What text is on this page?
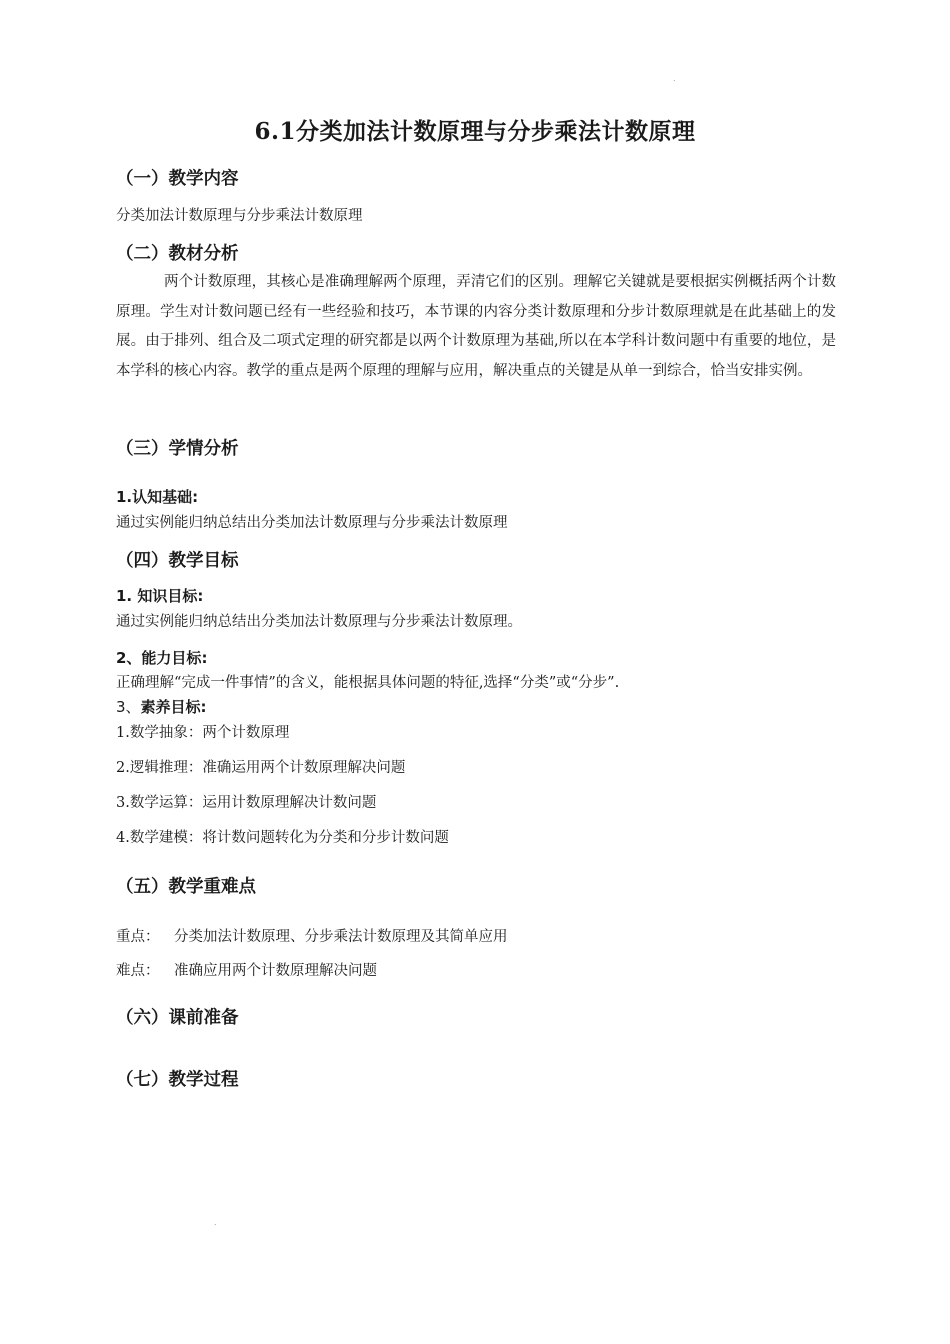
.
6.1分类加法计数原理与分步乘法计数原理
（一）教学内容
分类加法计数原理与分步乘法计数原理
（二）教材分析
两个计数原理，其核心是准确理解两个原理，弄清它们的区别。理解它关键就是要根据实例概括两个计数原理。学生对计数问题已经有一些经验和技巧，本节课的内容分类计数原理和分步计数原理就是在此基础上的发展。由于排列、组合及二项式定理的研究都是以两个计数原理为基础,所以在本学科计数问题中有重要的地位，是本学科的核心内容。教学的重点是两个原理的理解与应用，解决重点的关键是从单一到综合，恰当安排实例。
（三）学情分析
1.认知基础:
通过实例能归纳总结出分类加法计数原理与分步乘法计数原理
（四）教学目标
1. 知识目标:
通过实例能归纳总结出分类加法计数原理与分步乘法计数原理。
2、能力目标:
正确理解“完成一件事情”的含义，能根据具体问题的特征,选择“分类”或“分步”.
3、素养目标:
1.数学抽象：两个计数原理
2.逻辑推理：准确运用两个计数原理解决问题
3.数学运算：运用计数原理解决计数问题
4.数学建模：将计数问题转化为分类和分步计数问题
（五）教学重难点
重点： 分类加法计数原理、分步乘法计数原理及其简单应用
难点： 准确应用两个计数原理解决问题
（六）课前准备
（七）教学过程
.
